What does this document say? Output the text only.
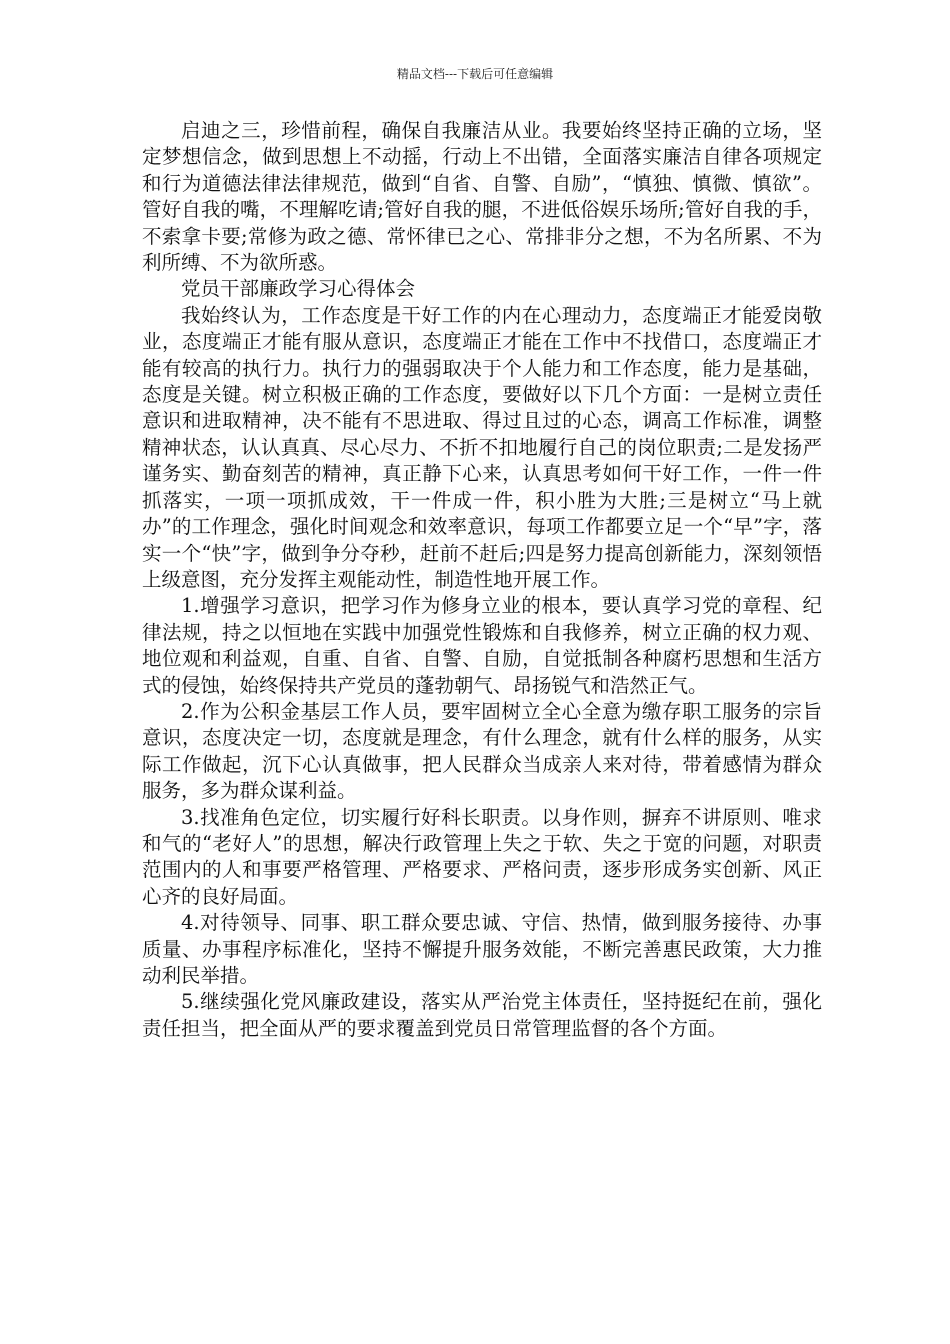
精品文档---下载后可任意编辑

启迪之三，珍惜前程，确保自我廉洁从业。我要始终坚持正确的立场，坚定梦想信念，做到思想上不动摇，行动上不出错，全面落实廉洁自律各项规定和行为道德法律法律规范，做到“自省、自警、自励”，“慎独、慎微、慎欲”。管好自我的嘴，不理解吃请;管好自我的腿，不进低俗娱乐场所;管好自我的手，不索拿卡要;常修为政之德、常怀律已之心、常排非分之想，不为名所累、不为利所缚、不为欲所惑。

党员干部廉政学习心得体会

我始终认为，工作态度是干好工作的内在心理动力，态度端正才能爱岗敬业，态度端正才能有服从意识，态度端正才能在工作中不找借口，态度端正才能有较高的执行力。执行力的强弱取决于个人能力和工作态度，能力是基础，态度是关键。树立积极正确的工作态度，要做好以下几个方面：一是树立责任意识和进取精神，决不能有不思进取、得过且过的心态，调高工作标准，调整精神状态，认认真真、尽心尽力、不折不扣地履行自己的岗位职责;二是发扬严谨务实、勤奋刻苦的精神，真正静下心来，认真思考如何干好工作，一件一件抓落实，一项一项抓成效，干一件成一件，积小胜为大胜;三是树立“马上就办”的工作理念，强化时间观念和效率意识，每项工作都要立足一个“早”字，落实一个“快”字，做到争分夺秒，赶前不赶后;四是努力提高创新能力，深刻领悟上级意图，充分发挥主观能动性，制造性地开展工作。

1.增强学习意识，把学习作为修身立业的根本，要认真学习党的章程、纪律法规，持之以恒地在实践中加强党性锻炼和自我修养，树立正确的权力观、地位观和利益观，自重、自省、自警、自励，自觉抵制各种腐朽思想和生活方式的侵蚀，始终保持共产党员的蓬勃朝气、昂扬锐气和浩然正气。

2.作为公积金基层工作人员，要牢固树立全心全意为缴存职工服务的宗旨意识，态度决定一切，态度就是理念，有什么理念，就有什么样的服务，从实际工作做起，沉下心认真做事，把人民群众当成亲人来对待，带着感情为群众服务，多为群众谋利益。

3.找准角色定位，切实履行好科长职责。以身作则，摒弃不讲原则、唯求和气的“老好人”的思想，解决行政管理上失之于软、失之于宽的问题，对职责范围内的人和事要严格管理、严格要求、严格问责，逐步形成务实创新、风正心齐的良好局面。

4.对待领导、同事、职工群众要忠诚、守信、热情，做到服务接待、办事质量、办事程序标准化，坚持不懈提升服务效能，不断完善惠民政策，大力推动利民举措。

5.继续强化党风廉政建设，落实从严治党主体责任，坚持挺纪在前，强化责任担当，把全面从严的要求覆盖到党员日常管理监督的各个方面。
